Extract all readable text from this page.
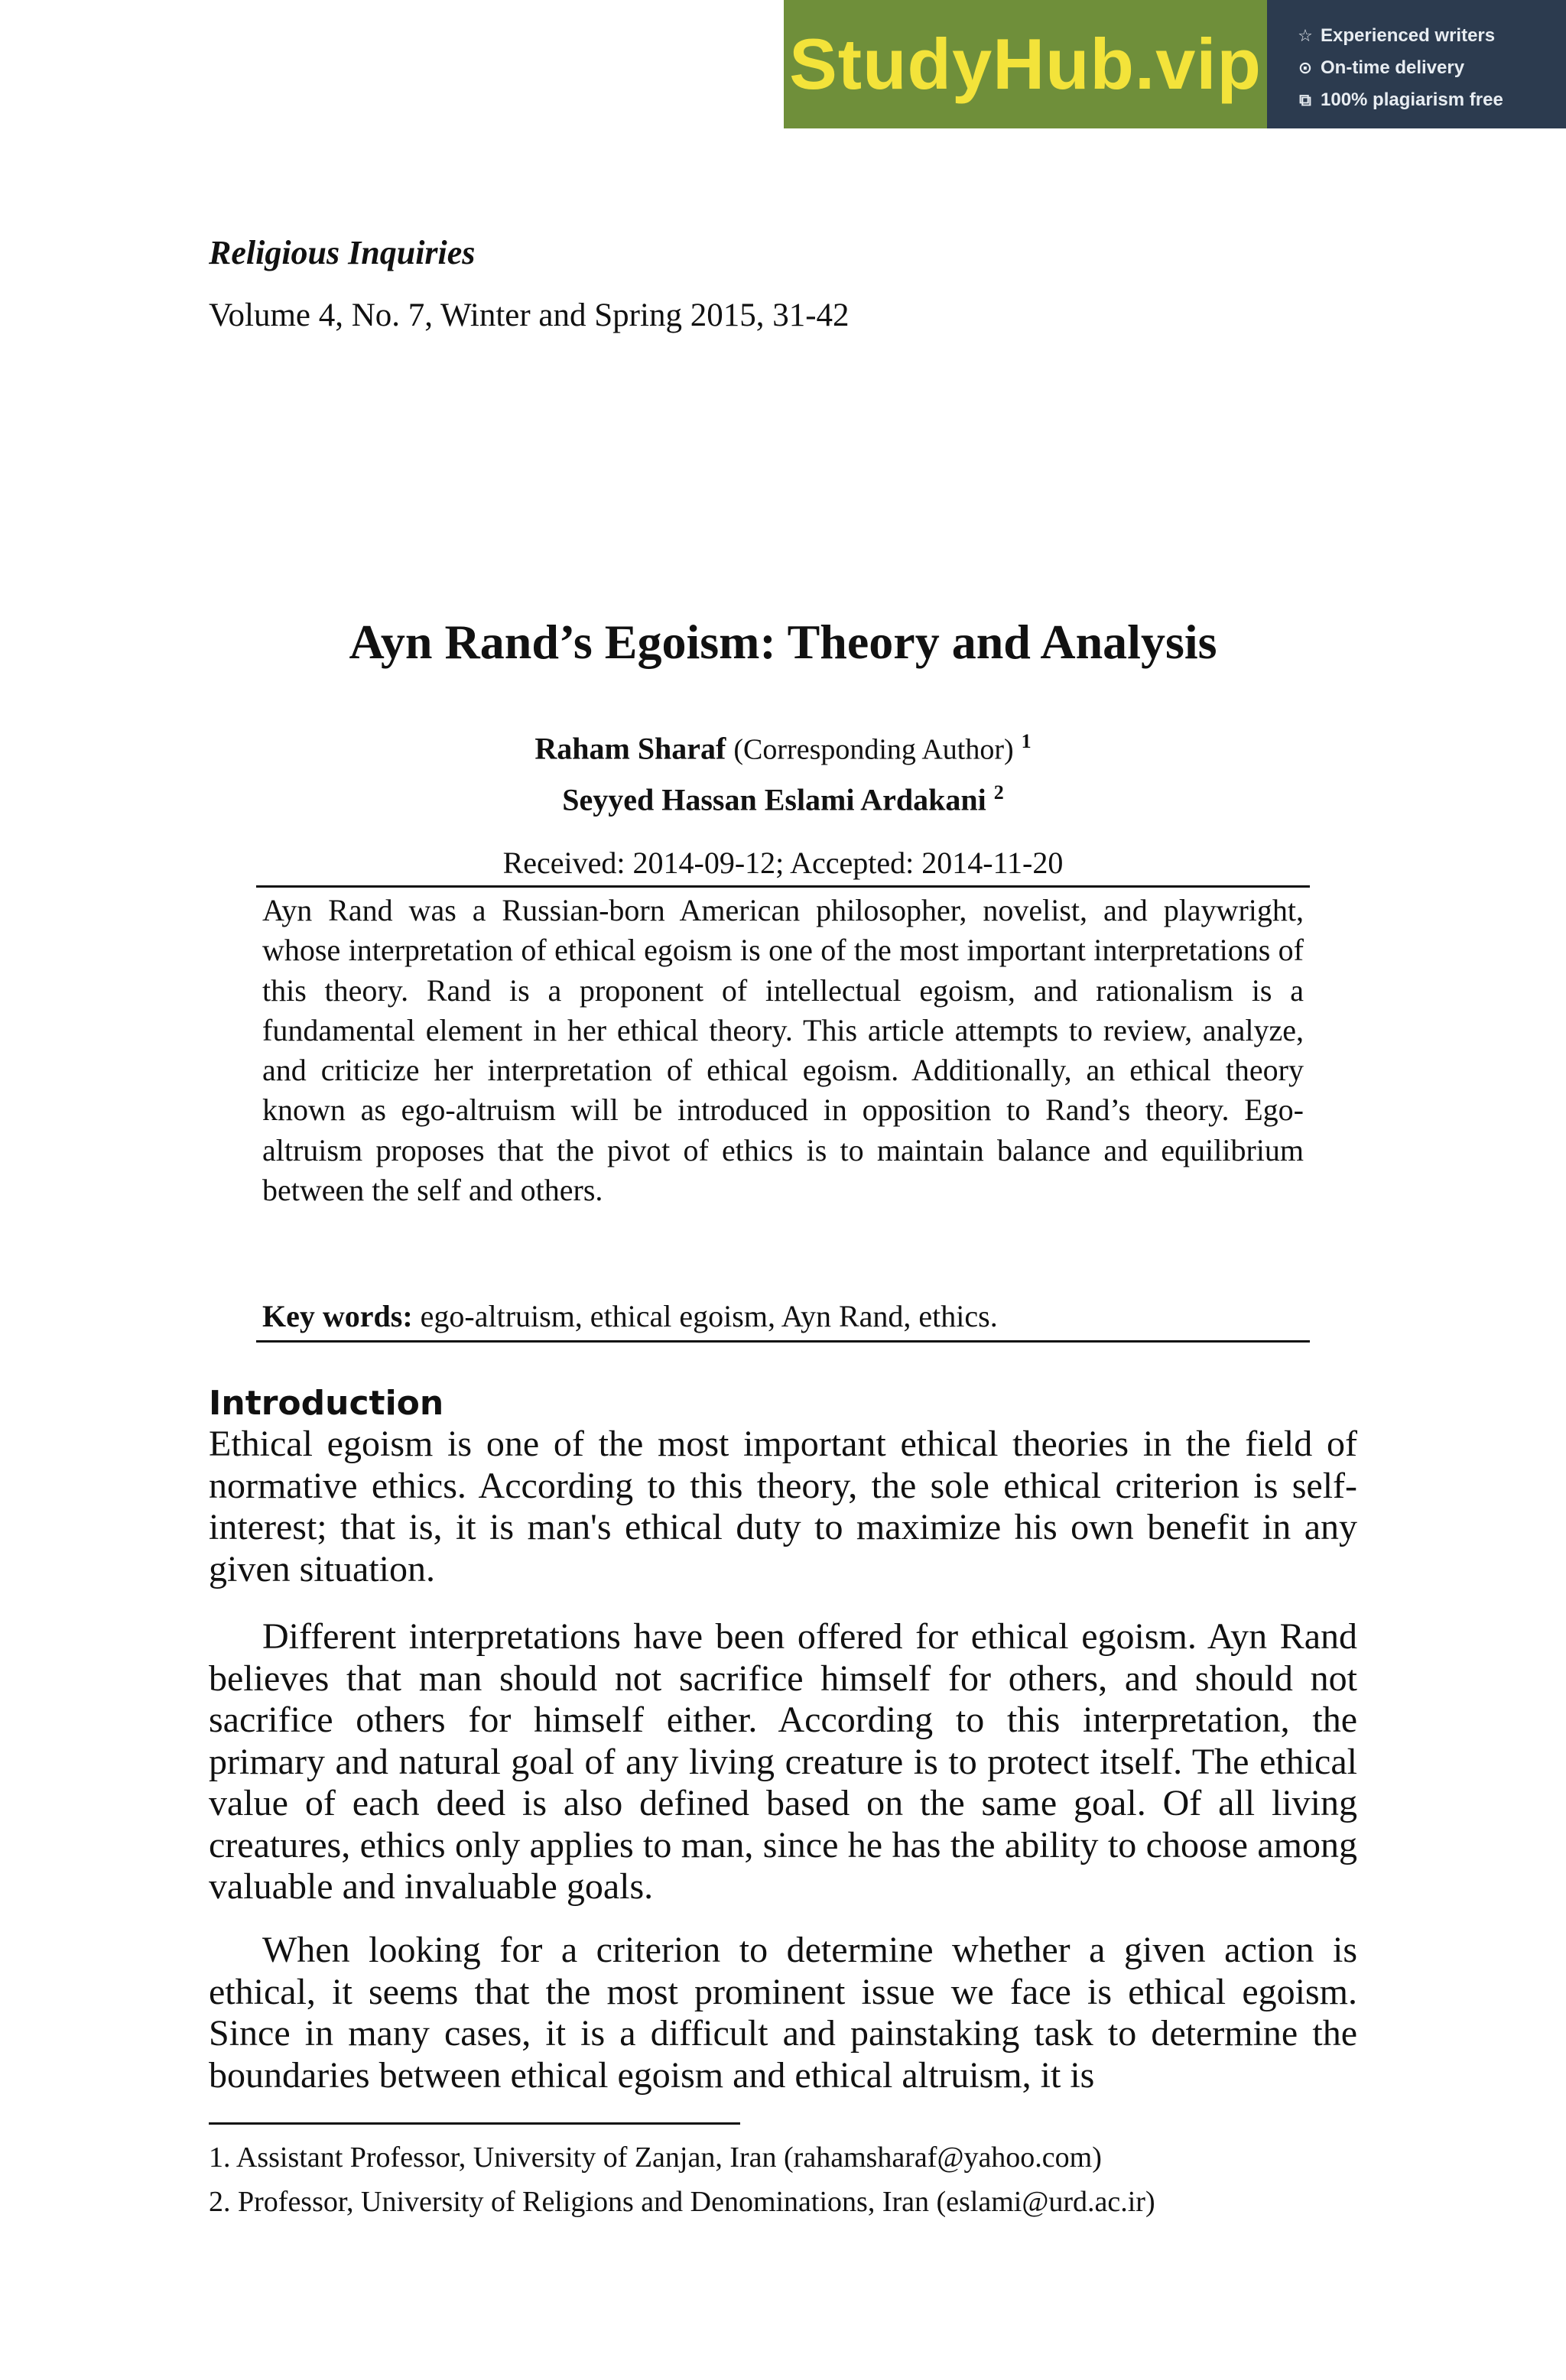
StudyHub.vip	☆ Experienced writers
⊙ On-time delivery
⧉ 100% plagiarism free
Religious Inquiries
Volume 4, No. 7, Winter and Spring 2015, 31-42
Ayn Rand’s Egoism: Theory and Analysis
Raham Sharaf (Corresponding Author) $^1$
Seyyed Hassan Eslami Ardakani $^2$
Received: 2014-09-12; Accepted: 2014-11-20
Ayn Rand was a Russian-born American philosopher, novelist, and playwright, whose interpretation of ethical egoism is one of the most important interpretations of this theory. Rand is a proponent of intellectual egoism, and rationalism is a fundamental element in her ethical theory. This article attempts to review, analyze, and criticize her interpretation of ethical egoism. Additionally, an ethical theory known as ego-altruism will be introduced in opposition to Rand’s theory. Ego-altruism proposes that the pivot of ethics is to maintain balance and equilibrium between the self and others.
Key words: ego-altruism, ethical egoism, Ayn Rand, ethics.
Introduction

Ethical egoism is one of the most important ethical theories in the field of normative ethics. According to this theory, the sole ethical criterion is self- interest; that is, it is man's ethical duty to maximize his own benefit in any given situation.

Different interpretations have been offered for ethical egoism. Ayn Rand believes that man should not sacrifice himself for others, and should not sacrifice others for himself either. According to this interpretation, the primary and natural goal of any living creature is to protect itself. The ethical value of each deed is also defined based on the same goal. Of all living creatures, ethics only applies to man, since he has the ability to choose among valuable and invaluable goals.

When looking for a criterion to determine whether a given action is ethical, it seems that the most prominent issue we face is ethical egoism. Since in many cases, it is a difficult and painstaking task to determine the boundaries between ethical egoism and ethical altruism, it is

1. Assistant Professor, University of Zanjan, Iran (rahamsharaf@yahoo.com)
2. Professor, University of Religions and Denominations, Iran (eslami@urd.ac.ir)
